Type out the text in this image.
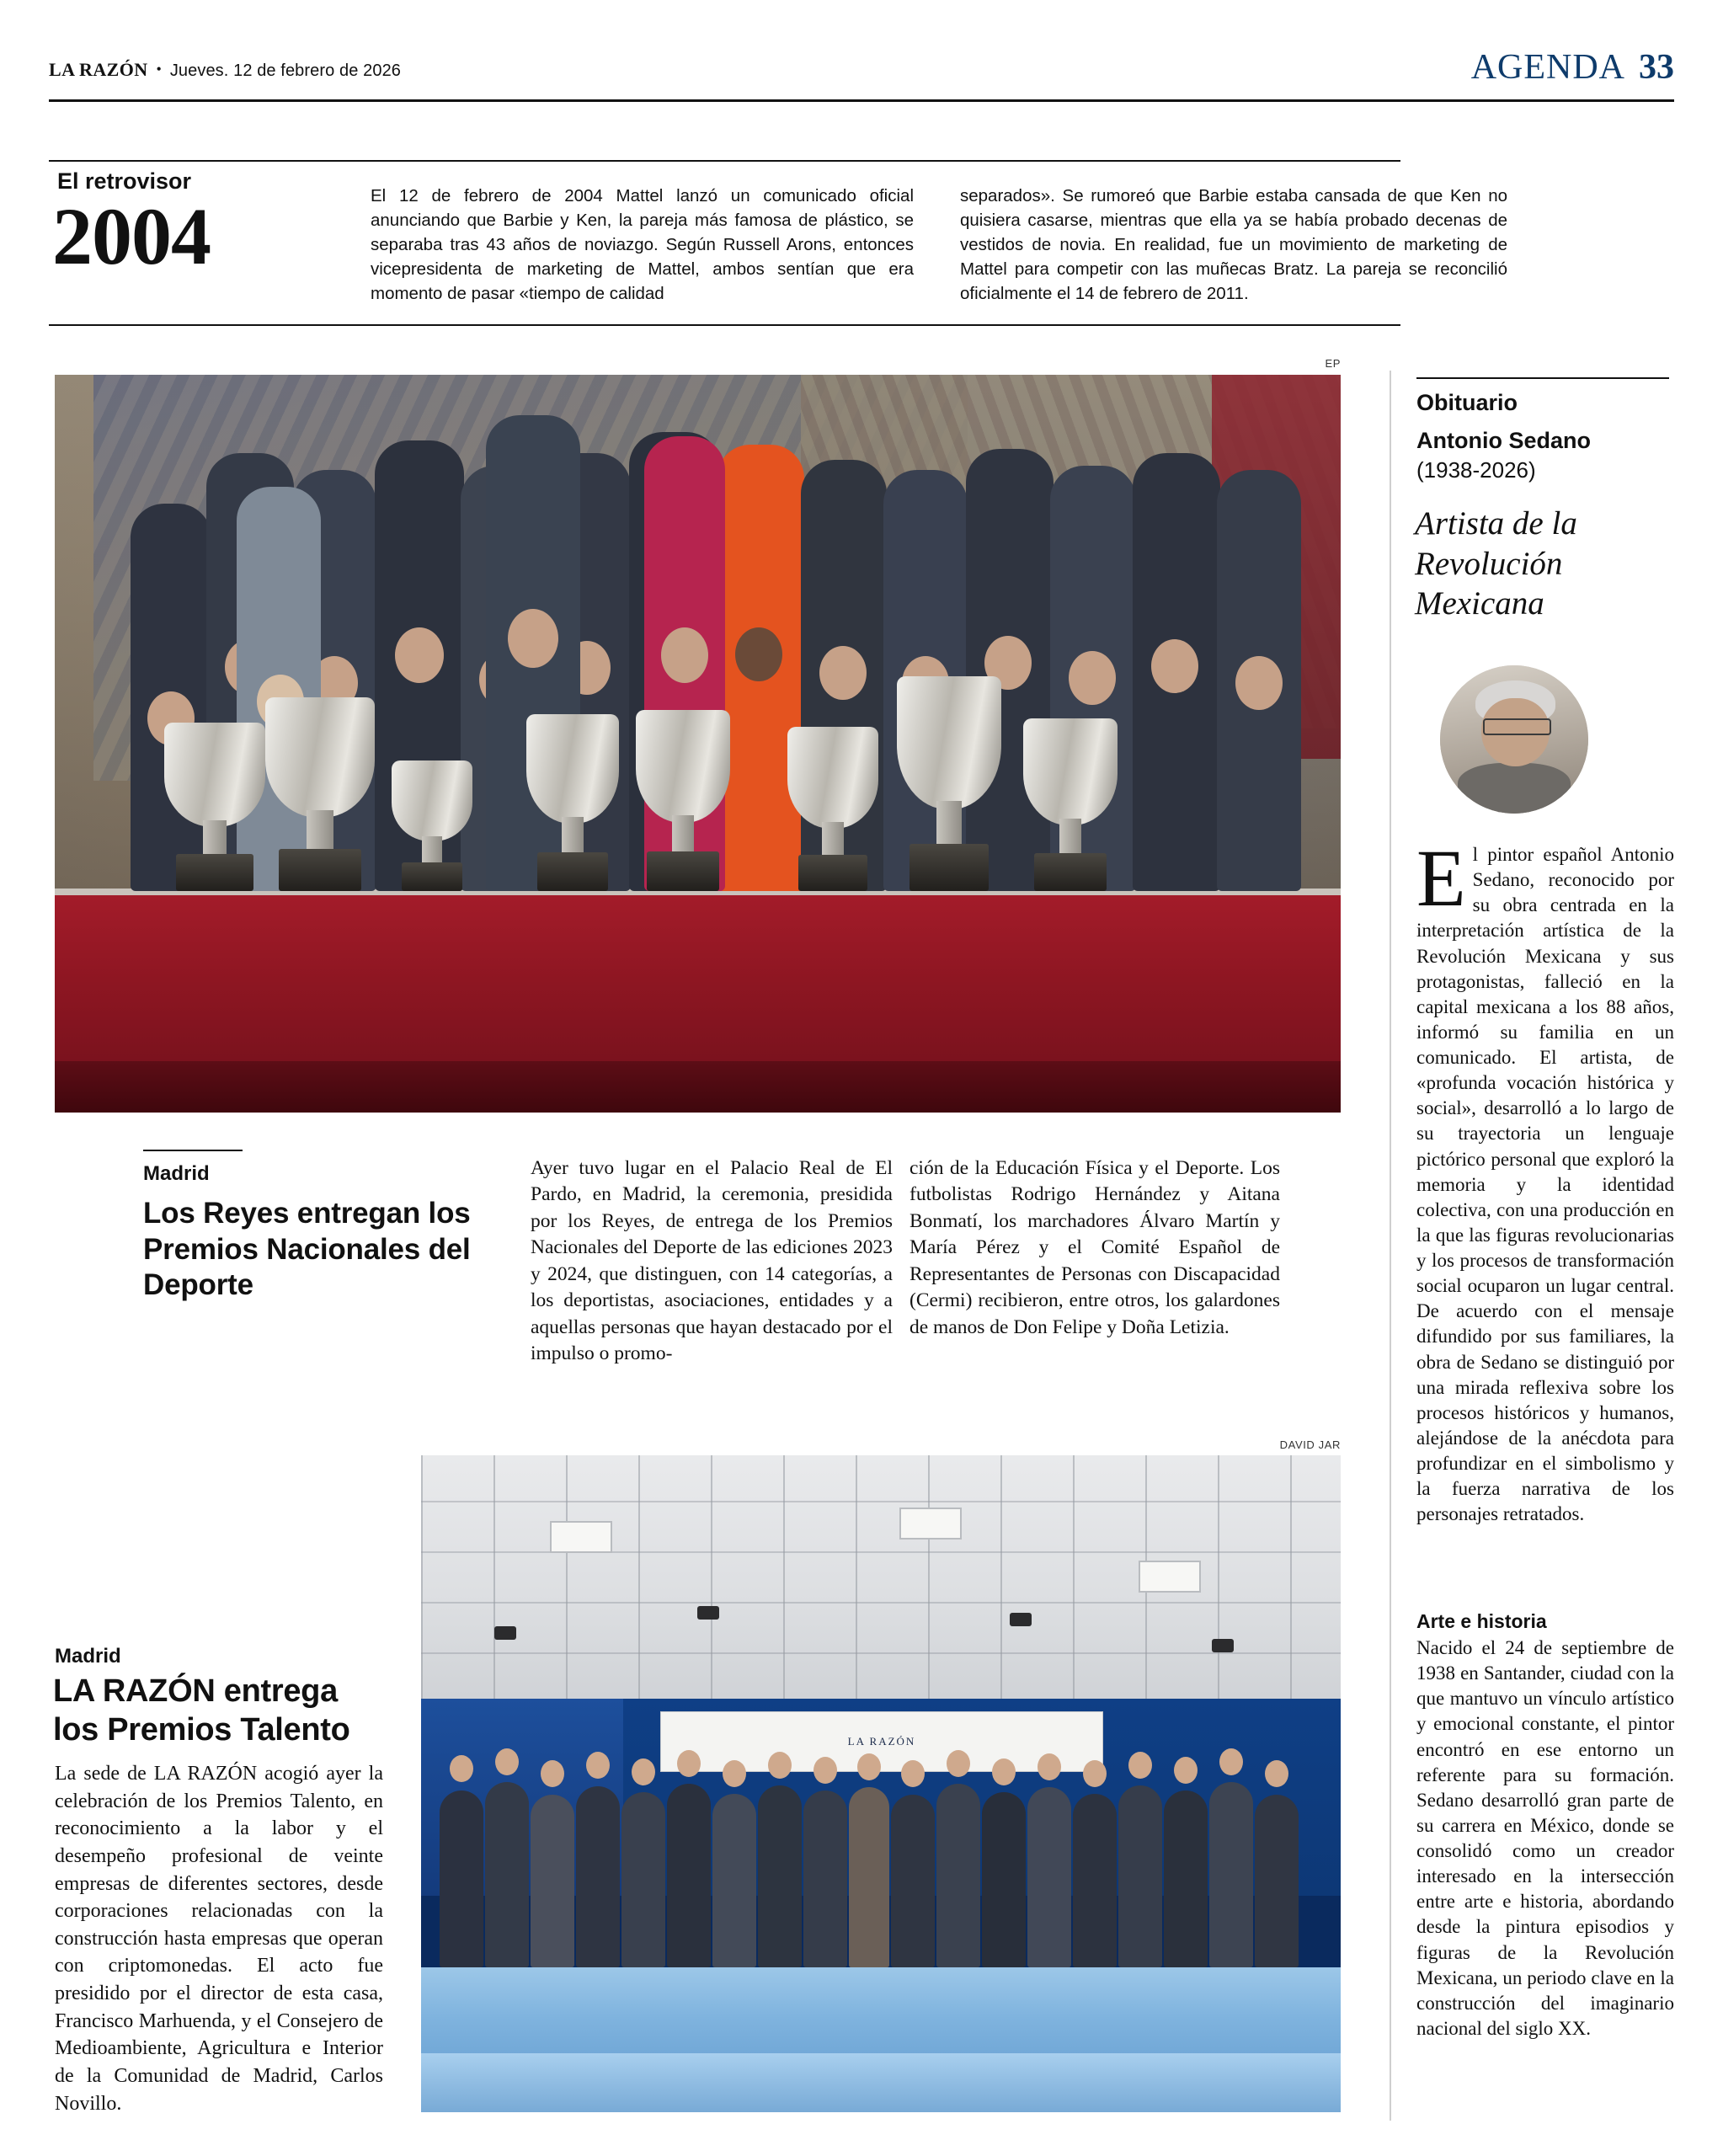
LA RAZÓN • Jueves. 12 de febrero de 2026	AGENDA 33
El retrovisor
2004	El 12 de febrero de 2004 Mattel lanzó un comunicado oficial anunciando que Barbie y Ken, la pareja más famosa de plástico, se separaba tras 43 años de noviazgo. Según Russell Arons, entonces vicepresidenta de marketing de Mattel, ambos sentían que era momento de pasar «tiempo de calidad
separados». Se rumoreó que Barbie estaba cansada de que Ken no quisiera casarse, mientras que ella ya se había probado decenas de vestidos de novia. En realidad, fue un movimiento de marketing de Mattel para competir con las muñecas Bratz. La pareja se reconcilió oficialmente el 14 de febrero de 2011.
EP
Madrid
Los Reyes entregan los Premios Nacionales del Deporte
Ayer tuvo lugar en el Palacio Real de El Pardo, en Madrid, la ceremonia, presidida por los Reyes, de entrega de los Premios Nacionales del Deporte de las ediciones 2023 y 2024, que distinguen, con 14 categorías, a los deportistas, asociaciones, entidades y a aquellas personas que hayan destacado por el impulso o promo-
ción de la Educación Física y el Deporte. Los futbolistas Rodrigo Hernández y Aitana Bonmatí, los marchadores Álvaro Martín y María Pérez y el Comité Español de Representantes de Personas con Discapacidad (Cermi) recibieron, entre otros, los galardones de manos de Don Felipe y Doña Letizia.
DAVID JAR
LA RAZÓN
Madrid
LA RAZÓN entrega los Premios Talento
La sede de LA RAZÓN acogió ayer la celebración de los Premios Talento, en reconocimiento a la labor y el desempeño profesional de veinte empresas de diferentes sectores, desde corporaciones relacionadas con la construcción hasta empresas que operan con criptomonedas. El acto fue presidido por el director de esta casa, Francisco Marhuenda, y el Consejero de Medioambiente, Agricultura e Interior de la Comunidad de Madrid, Carlos Novillo.
Obituario
Antonio Sedano
(1938-2026)
Artista de la Revolución Mexicana
El pintor español Antonio Sedano, reconocido por su obra centrada en la interpretación artística de la Revolución Mexicana y sus protagonistas, falleció en la capital mexicana a los 88 años, informó su familia en un comunicado. El artista, de «profunda vocación histórica y social», desarrolló a lo largo de su trayectoria un lenguaje pictórico personal que exploró la memoria y la identidad colectiva, con una producción en la que las figuras revolucionarias y los procesos de transformación social ocuparon un lugar central. De acuerdo con el mensaje difundido por sus familiares, la obra de Sedano se distinguió por una mirada reflexiva sobre los procesos históricos y humanos, alejándose de la anécdota para profundizar en el simbolismo y la fuerza narrativa de los personajes retratados.
Arte e historia
Nacido el 24 de septiembre de 1938 en Santander, ciudad con la que mantuvo un vínculo artístico y emocional constante, el pintor encontró en ese entorno un referente para su formación. Sedano desarrolló gran parte de su carrera en México, donde se consolidó como un creador interesado en la intersección entre arte e historia, abordando desde la pintura episodios y figuras de la Revolución Mexicana, un periodo clave en la construcción del imaginario nacional del siglo XX.
